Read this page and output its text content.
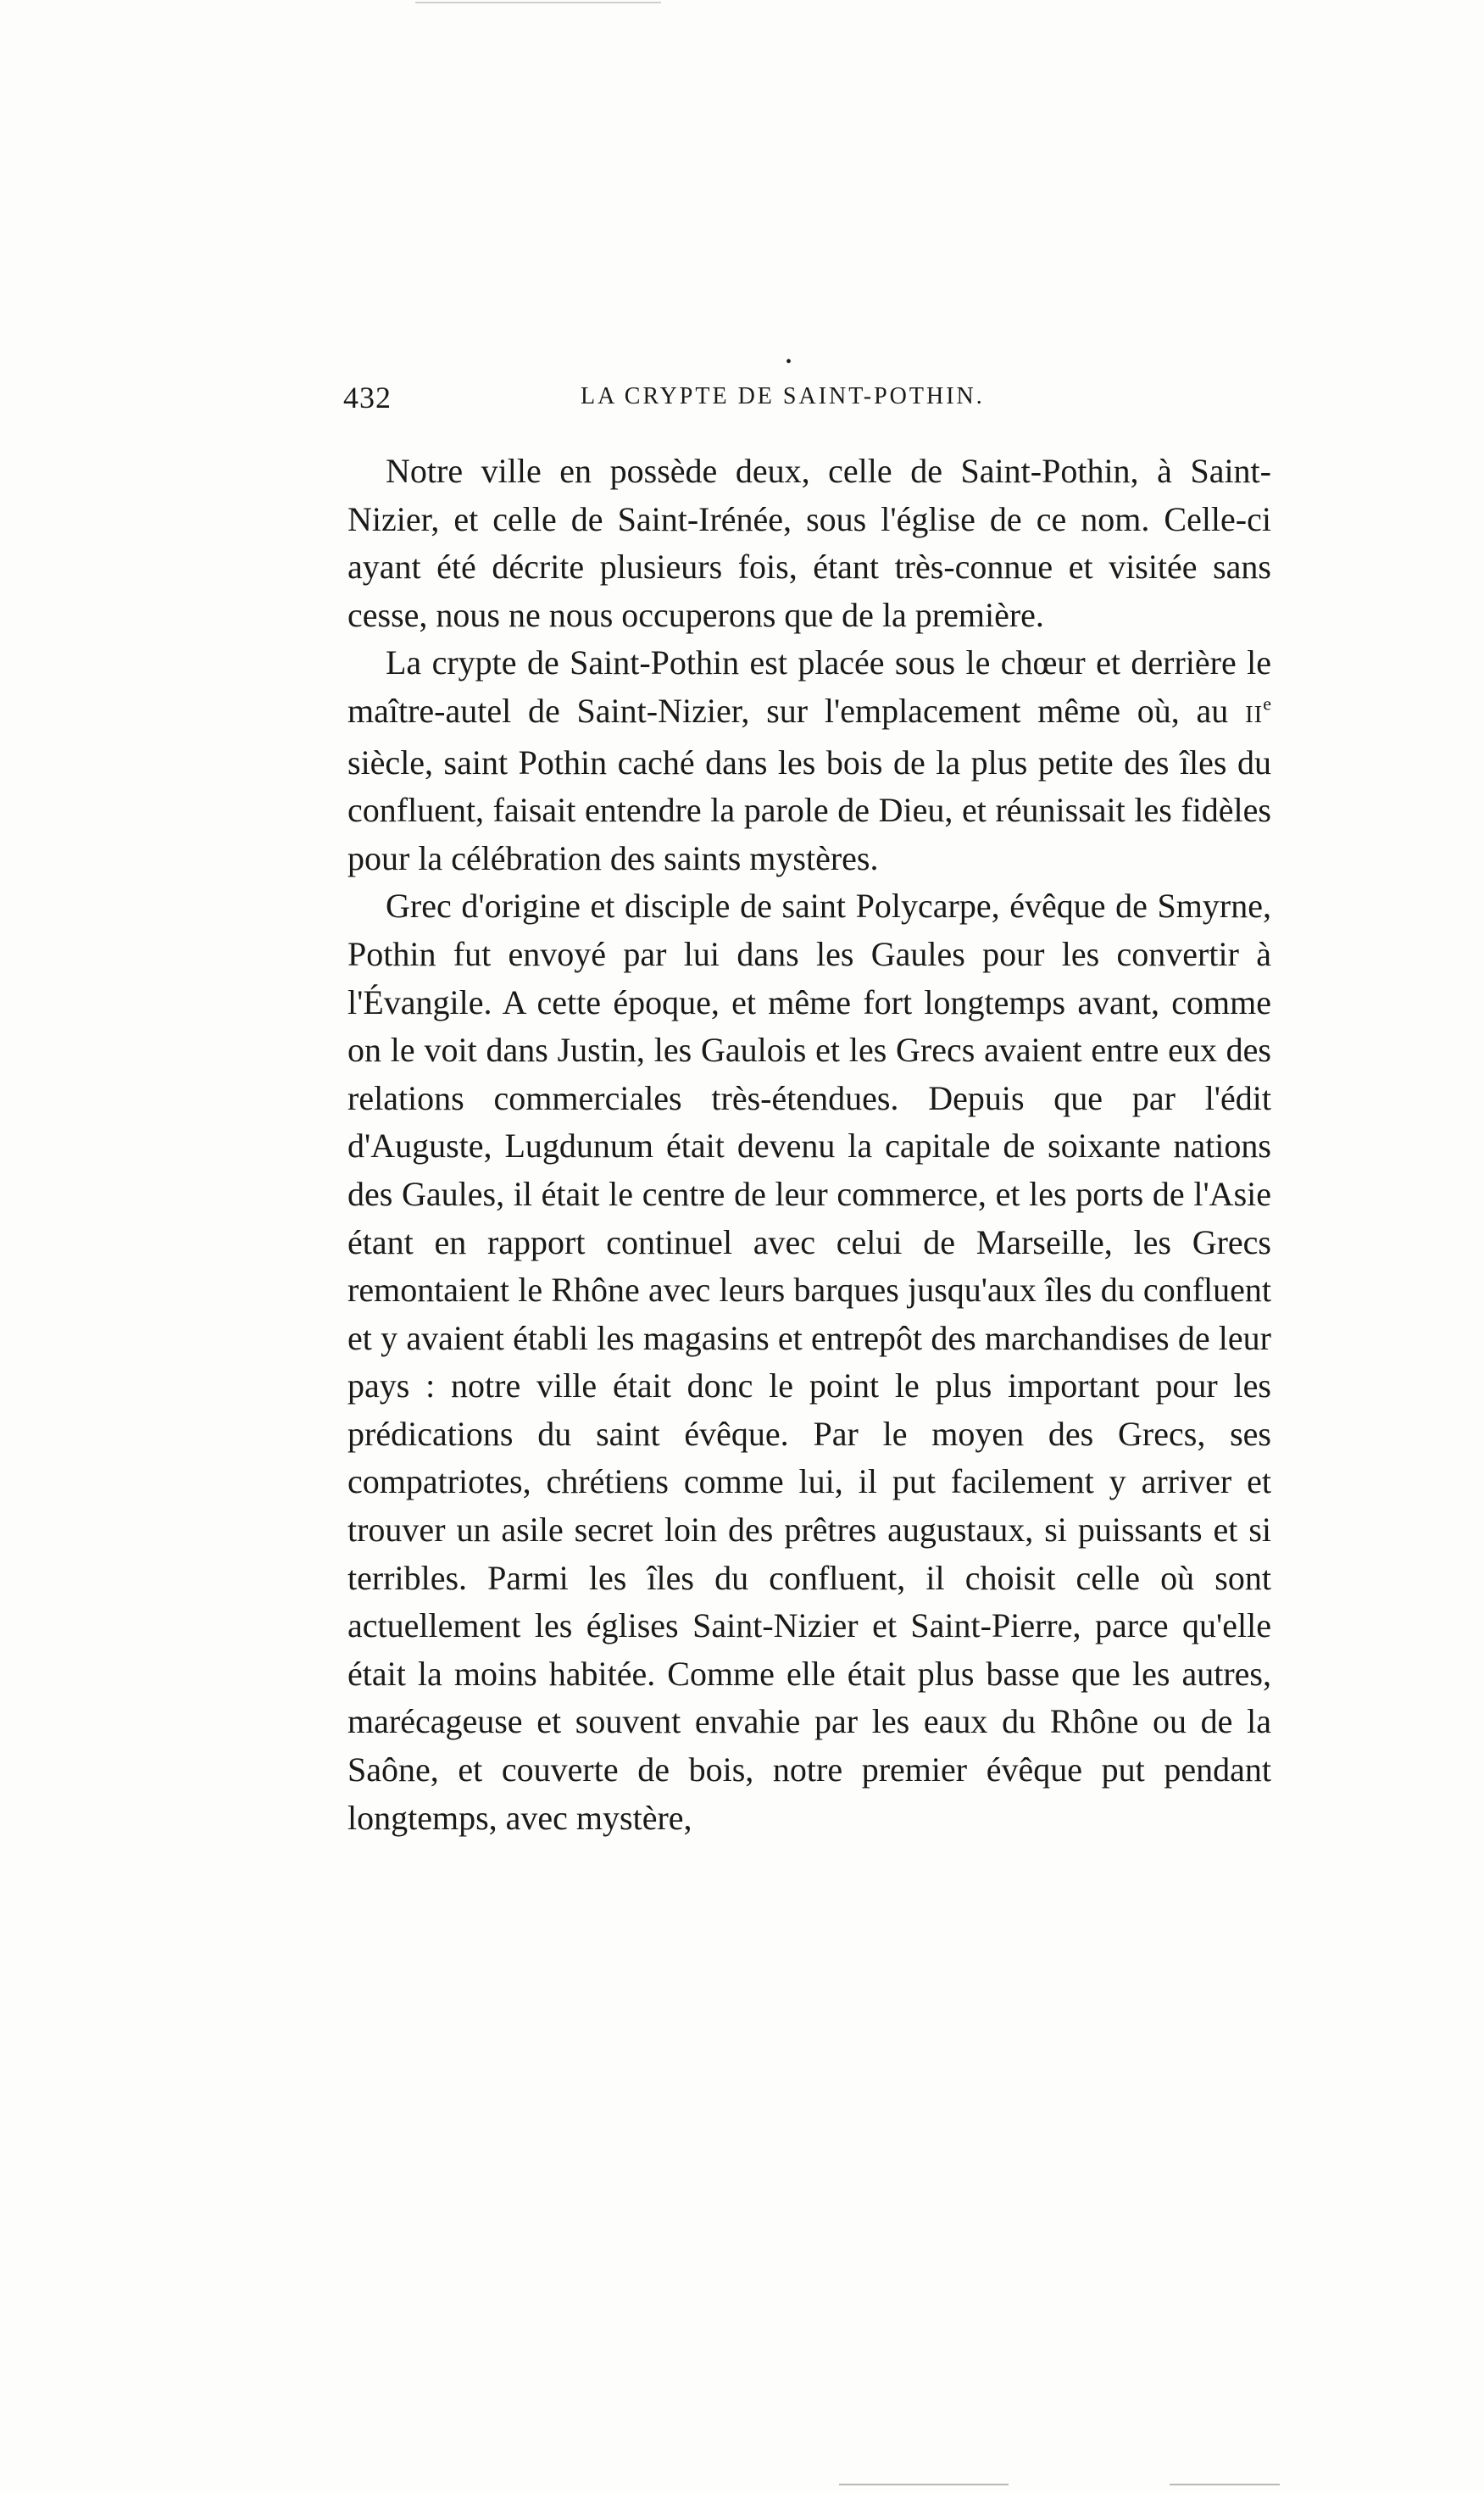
432
•
LA CRYPTE DE SAINT-POTHIN.

Notre ville en possède deux, celle de Saint-Pothin, à Saint-Nizier, et celle de Saint-Irénée, sous l'église de ce nom. Celle-ci ayant été décrite plusieurs fois, étant très-connue et visitée sans cesse, nous ne nous occuperons que de la première.

La crypte de Saint-Pothin est placée sous le chœur et derrière le maître-autel de Saint-Nizier, sur l'emplacement même où, au IIe siècle, saint Pothin caché dans les bois de la plus petite des îles du confluent, faisait entendre la parole de Dieu, et réunissait les fidèles pour la célébration des saints mystères.

Grec d'origine et disciple de saint Polycarpe, évêque de Smyrne, Pothin fut envoyé par lui dans les Gaules pour les convertir à l'Évangile. A cette époque, et même fort longtemps avant, comme on le voit dans Justin, les Gaulois et les Grecs avaient entre eux des relations commerciales très-étendues. Depuis que par l'édit d'Auguste, Lugdunum était devenu la capitale de soixante nations des Gaules, il était le centre de leur commerce, et les ports de l'Asie étant en rapport continuel avec celui de Marseille, les Grecs remontaient le Rhône avec leurs barques jusqu'aux îles du confluent et y avaient établi les magasins et entrepôt des marchandises de leur pays : notre ville était donc le point le plus important pour les prédications du saint évêque. Par le moyen des Grecs, ses compatriotes, chrétiens comme lui, il put facilement y arriver et trouver un asile secret loin des prêtres augustaux, si puissants et si terribles. Parmi les îles du confluent, il choisit celle où sont actuellement les églises Saint-Nizier et Saint-Pierre, parce qu'elle était la moins habitée. Comme elle était plus basse que les autres, marécageuse et souvent envahie par les eaux du Rhône ou de la Saône, et couverte de bois, notre premier évêque put pendant longtemps, avec mystère,
